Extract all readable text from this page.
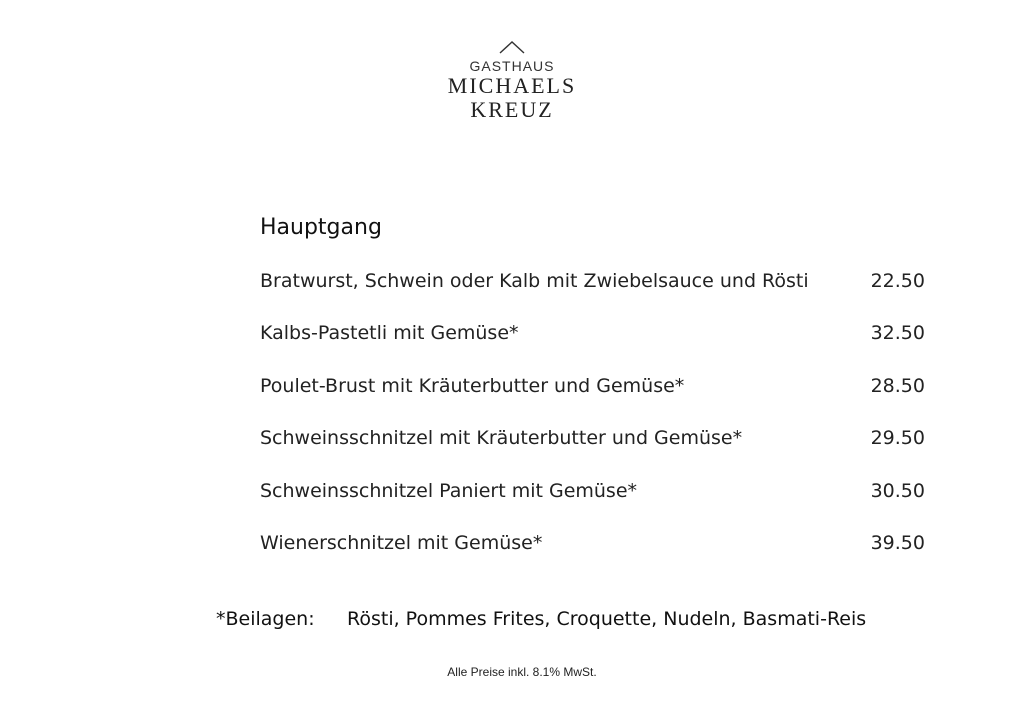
GASTHAUS
MICHAELS
KREUZ
Hauptgang
Bratwurst, Schwein oder Kalb mit Zwiebelsauce und Rösti	22.50
Kalbs-Pastetli mit Gemüse*	32.50
Poulet-Brust mit Kräuterbutter und Gemüse*	28.50
Schweinsschnitzel mit Kräuterbutter und Gemüse*	29.50
Schweinsschnitzel Paniert mit Gemüse*	30.50
Wienerschnitzel mit Gemüse*	39.50
*Beilagen: Rösti, Pommes Frites, Croquette, Nudeln, Basmati-Reis
Alle Preise inkl. 8.1% MwSt.
